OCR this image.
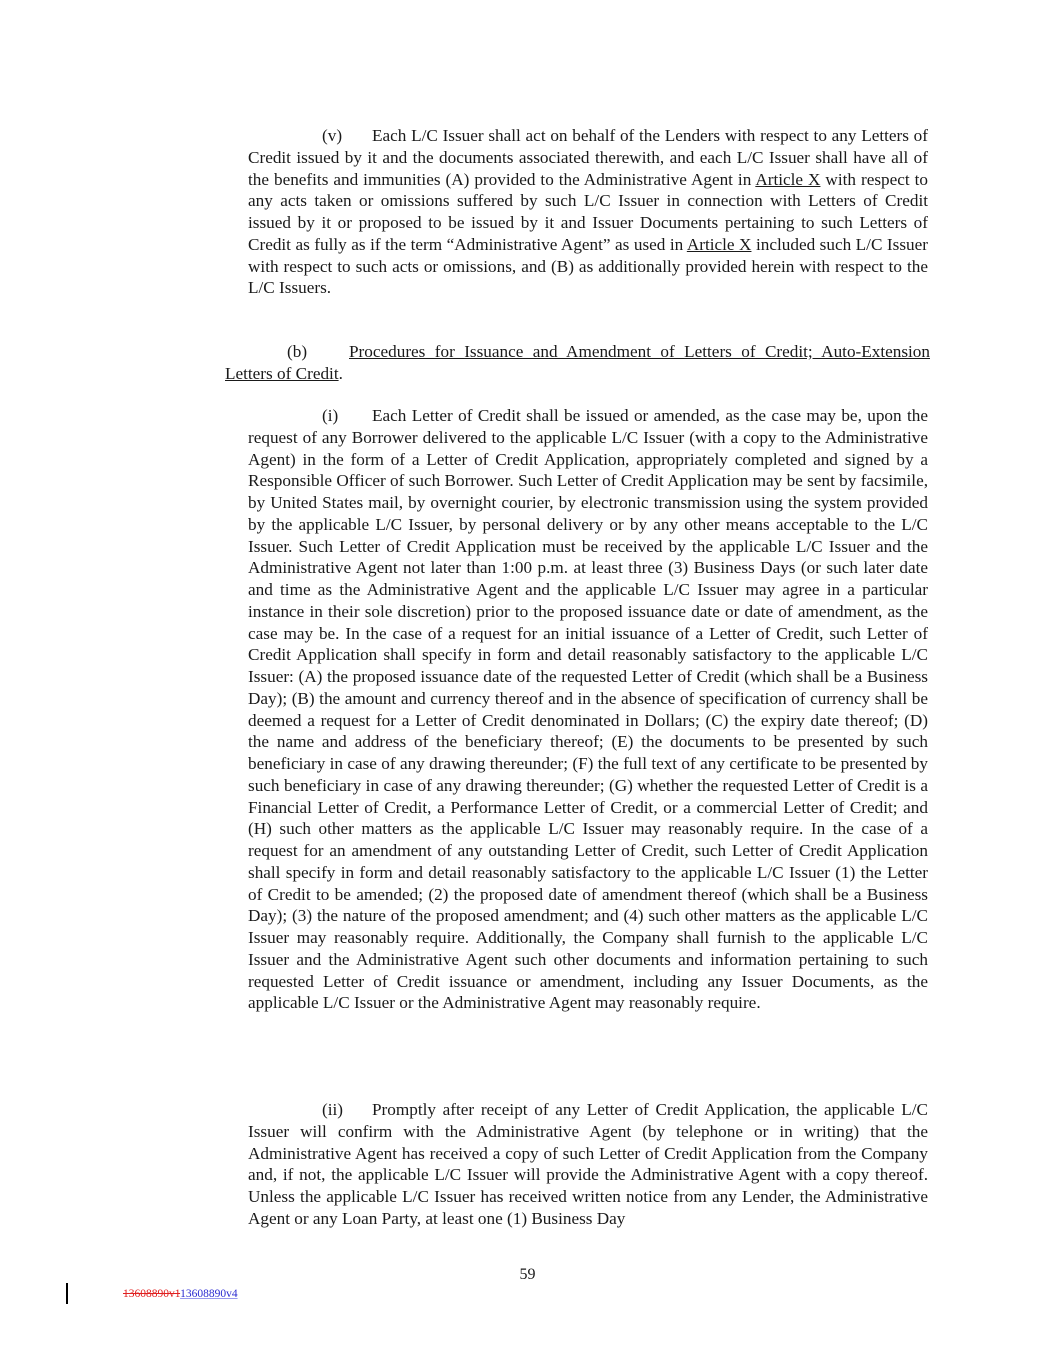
(v) Each L/C Issuer shall act on behalf of the Lenders with respect to any Letters of Credit issued by it and the documents associated therewith, and each L/C Issuer shall have all of the benefits and immunities (A) provided to the Administrative Agent in Article X with respect to any acts taken or omissions suffered by such L/C Issuer in connection with Letters of Credit issued by it or proposed to be issued by it and Issuer Documents pertaining to such Letters of Credit as fully as if the term “Administrative Agent” as used in Article X included such L/C Issuer with respect to such acts or omissions, and (B) as additionally provided herein with respect to the L/C Issuers.

(b) Procedures for Issuance and Amendment of Letters of Credit; Auto-Extension Letters of Credit.

(i) Each Letter of Credit shall be issued or amended, as the case may be, upon the request of any Borrower delivered to the applicable L/C Issuer (with a copy to the Administrative Agent) in the form of a Letter of Credit Application, appropriately completed and signed by a Responsible Officer of such Borrower. Such Letter of Credit Application may be sent by facsimile, by United States mail, by overnight courier, by electronic transmission using the system provided by the applicable L/C Issuer, by personal delivery or by any other means acceptable to the L/C Issuer. Such Letter of Credit Application must be received by the applicable L/C Issuer and the Administrative Agent not later than 1:00 p.m. at least three (3) Business Days (or such later date and time as the Administrative Agent and the applicable L/C Issuer may agree in a particular instance in their sole discretion) prior to the proposed issuance date or date of amendment, as the case may be. In the case of a request for an initial issuance of a Letter of Credit, such Letter of Credit Application shall specify in form and detail reasonably satisfactory to the applicable L/C Issuer: (A) the proposed issuance date of the requested Letter of Credit (which shall be a Business Day); (B) the amount and currency thereof and in the absence of specification of currency shall be deemed a request for a Letter of Credit denominated in Dollars; (C) the expiry date thereof; (D) the name and address of the beneficiary thereof; (E) the documents to be presented by such beneficiary in case of any drawing thereunder; (F) the full text of any certificate to be presented by such beneficiary in case of any drawing thereunder; (G) whether the requested Letter of Credit is a Financial Letter of Credit, a Performance Letter of Credit, or a commercial Letter of Credit; and (H) such other matters as the applicable L/C Issuer may reasonably require. In the case of a request for an amendment of any outstanding Letter of Credit, such Letter of Credit Application shall specify in form and detail reasonably satisfactory to the applicable L/C Issuer (1) the Letter of Credit to be amended; (2) the proposed date of amendment thereof (which shall be a Business Day); (3) the nature of the proposed amendment; and (4) such other matters as the applicable L/C Issuer may reasonably require. Additionally, the Company shall furnish to the applicable L/C Issuer and the Administrative Agent such other documents and information pertaining to such requested Letter of Credit issuance or amendment, including any Issuer Documents, as the applicable L/C Issuer or the Administrative Agent may reasonably require.

(ii) Promptly after receipt of any Letter of Credit Application, the applicable L/C Issuer will confirm with the Administrative Agent (by telephone or in writing) that the Administrative Agent has received a copy of such Letter of Credit Application from the Company and, if not, the applicable L/C Issuer will provide the Administrative Agent with a copy thereof. Unless the applicable L/C Issuer has received written notice from any Lender, the Administrative Agent or any Loan Party, at least one (1) Business Day

59
13608890v113608890v4
